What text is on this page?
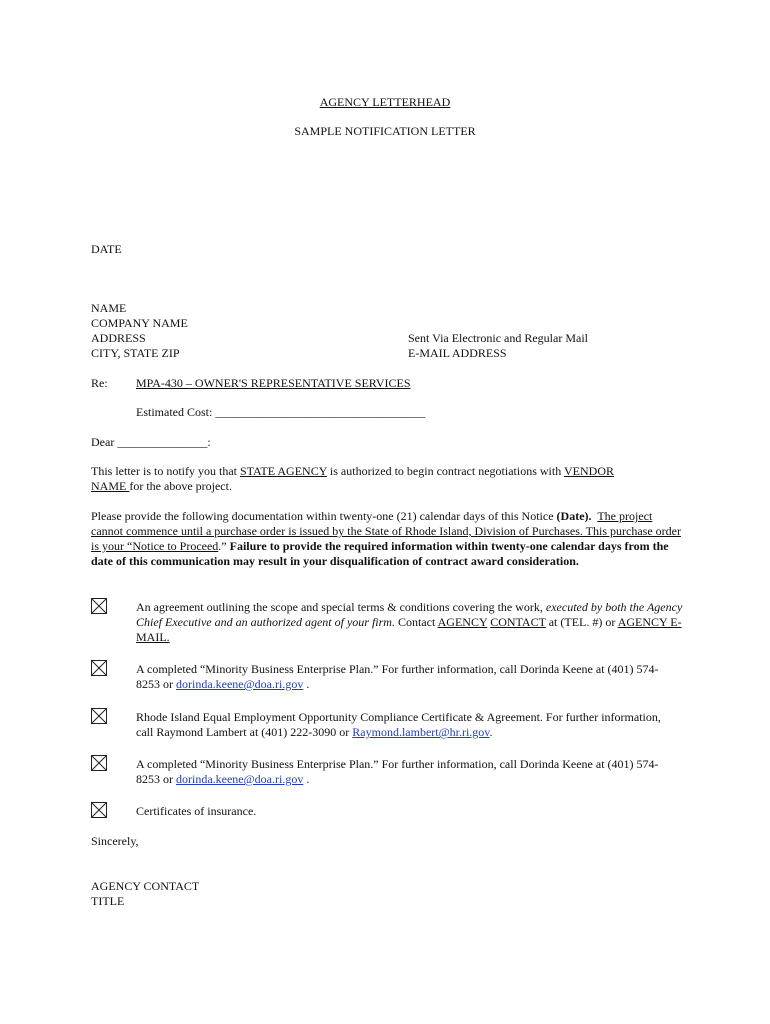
AGENCY LETTERHEAD
SAMPLE NOTIFICATION LETTER
DATE
NAME
COMPANY NAME
ADDRESS
CITY, STATE ZIP
Sent Via Electronic and Regular Mail
E-MAIL ADDRESS
Re: MPA-430 – OWNER'S REPRESENTATIVE SERVICES
Estimated Cost: ___________________________________
Dear _______________:
This letter is to notify you that STATE AGENCY is authorized to begin contract negotiations with VENDOR NAME for the above project.
Please provide the following documentation within twenty-one (21) calendar days of this Notice (Date). The project cannot commence until a purchase order is issued by the State of Rhode Island, Division of Purchases. This purchase order is your “Notice to Proceed.” Failure to provide the required information within twenty-one calendar days from the date of this communication may result in your disqualification of contract award consideration.
An agreement outlining the scope and special terms & conditions covering the work, executed by both the Agency Chief Executive and an authorized agent of your firm. Contact AGENCY CONTACT at (TEL. #) or AGENCY E-MAIL.
A completed “Minority Business Enterprise Plan.” For further information, call Dorinda Keene at (401) 574-8253 or dorinda.keene@doa.ri.gov .
Rhode Island Equal Employment Opportunity Compliance Certificate & Agreement. For further information, call Raymond Lambert at (401) 222-3090 or Raymond.lambert@hr.ri.gov.
A completed “Minority Business Enterprise Plan.” For further information, call Dorinda Keene at (401) 574-8253 or dorinda.keene@doa.ri.gov .
Certificates of insurance.
Sincerely,
AGENCY CONTACT
TITLE
